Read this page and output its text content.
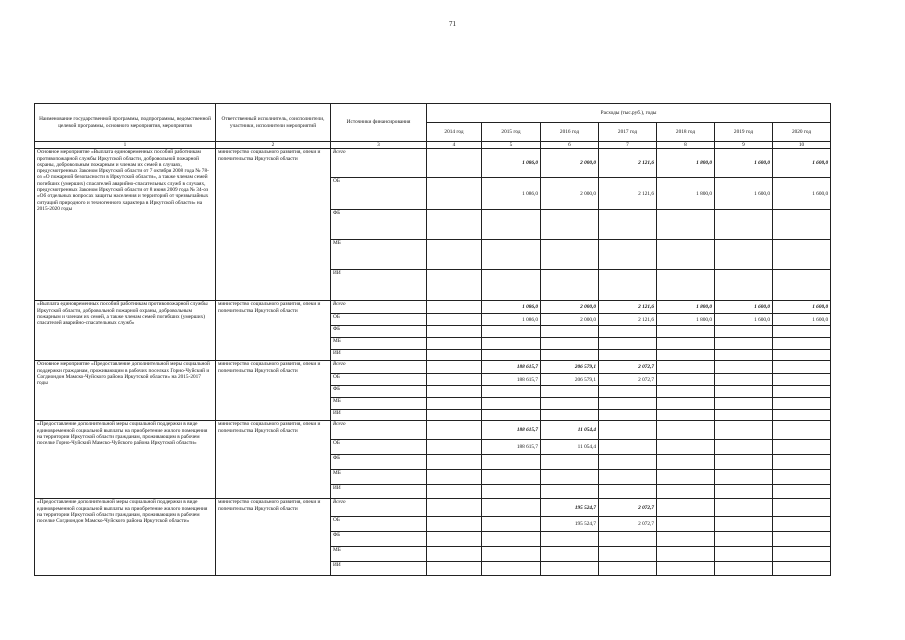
71
Наименование государственной программы, подпрограммы, ведомственной целевой программы, основного мероприятия, мероприятия	Ответственный исполнитель, соисполнители, участники, исполнители мероприятий	Источники финансирования	Расходы (тыс.руб.), годы						
			2014 год	2015 год	2016 год	2017 год	2018 год	2019 год	2020 год
1	2	3	4	5	6	7	8	9	10
Основное мероприятие «Выплата единовременных пособий работникам противопожарной службы Иркутской области, добровольной пожарной охраны, добровольным пожарным и членам их семей в случаях, предусмотренных Законом Иркутской области от 7 октября 2008 года № 78-оз «О пожарной безопасности в Иркутской области», а также членам семей погибших (умерших) спасателей аварийно-спасательных служб в случаях, предусмотренных Законом Иркутской области от 8 июня 2009 года № 34-оз «Об отдельных вопросах защиты населения и территорий от чрезвычайных ситуаций природного и техногенного характера в Иркутской области» на 2015-2020 годы	министерство социального развития, опеки и попечительства Иркутской области	Всего		1 086,0	2 000,0	2 121,6	1 800,0	1 600,0	1 600,0
		ОБ		1 086,0	2 000,0	2 121,6	1 800,0	1 600,0	1 600,0
		ФБ							
		МБ							
		ИИ							
«Выплата единовременных пособий работникам противопожарной службы Иркутской области, добровольной пожарной охраны, добровольным пожарным и членам их семей, а также членам семей погибших (умерших) спасателей аварийно-спасательных служб»	министерство социального развития, опеки и попечительства Иркутской области	Всего		1 086,0	2 000,0	2 121,6	1 800,0	1 600,0	1 600,0
		ОБ		1 086,0	2 000,0	2 121,6	1 800,0	1 600,0	1 600,0
		ФБ							
		МБ							
		ИИ							
Основное мероприятие «Предоставление дополнительной меры социальной поддержки гражданам, проживающим в рабочих поселках Горно-Чуйский и Согдиондон Мамско-Чуйского района Иркутской области» на 2015-2017 годы	министерство социального развития, опеки и попечительства Иркутской области	Всего		188 615,7	206 579,1	2 072,7			
		ОБ		188 615,7	206 579,1	2 072,7			
		ФБ							
		МБ							
		ИИ							
«Предоставление дополнительной меры социальной поддержки в виде единовременной социальной выплаты на приобретение жилого помещения на территории Иркутской области гражданам, проживающим в рабочем поселке Горно-Чуйский Мамско-Чуйского района Иркутской области»	министерство социального развития, опеки и попечительства Иркутской области	Всего		188 615,7	11 054,4				
		ОБ		188 615,7	11 054,4				
		ФБ							
		МБ							
		ИИ							
«Предоставление дополнительной меры социальной поддержки в виде единовременной социальной выплаты на приобретение жилого помещения на территории Иркутской области гражданам, проживающим в рабочем поселке Согдиондон Мамско-Чуйского района Иркутской области»	министерство социального развития, опеки и попечительства Иркутской области	Всего			195 524,7	2 072,7			
		ОБ			195 524,7	2 072,7			
		ФБ							
		МБ							
		ИИ							
